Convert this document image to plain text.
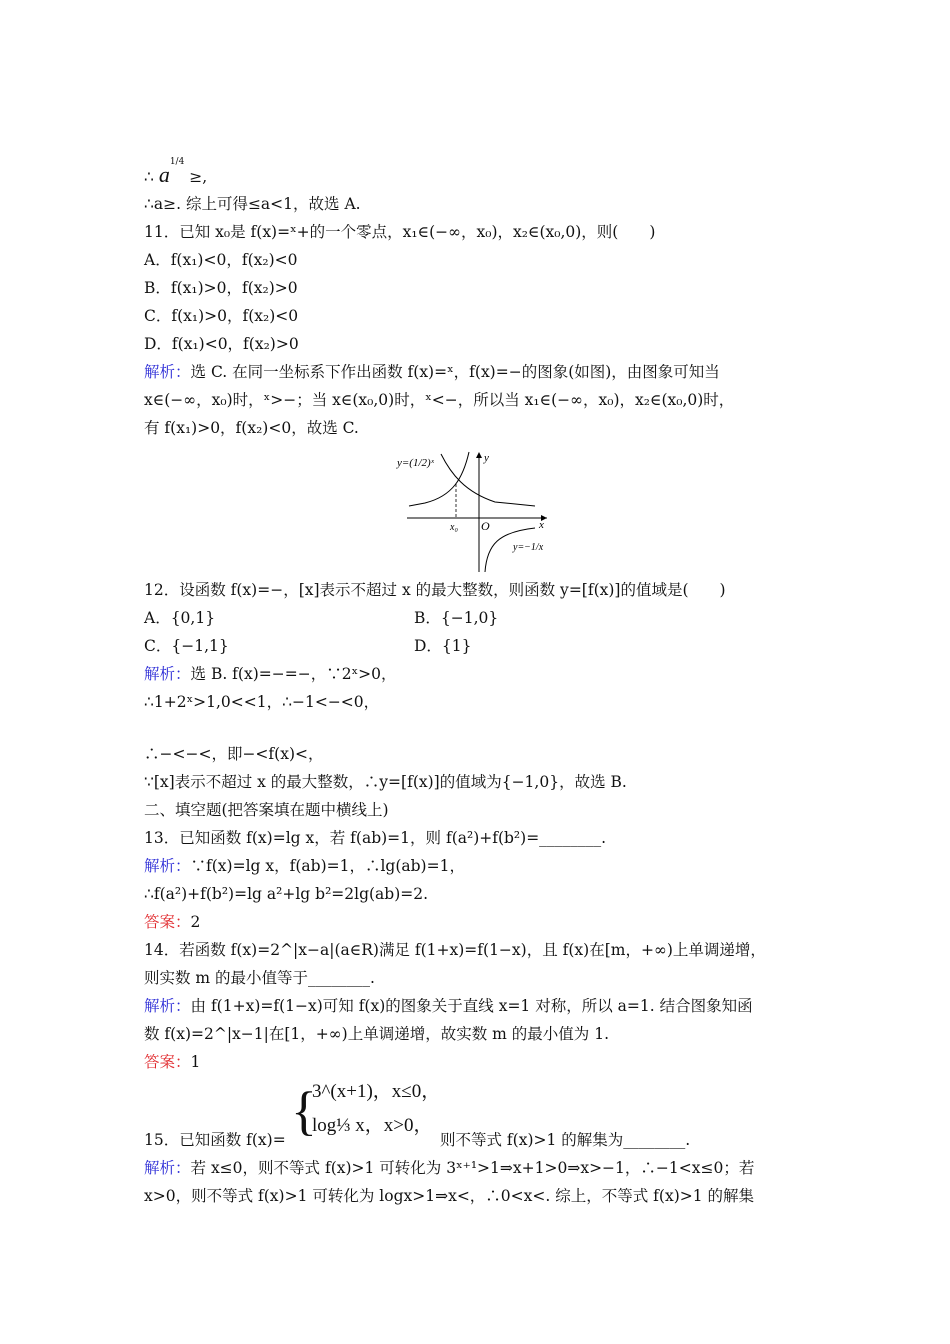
∴ $a^{1/4}$ ≥,
∴a≥. 综上可得≤a<1，故选 A.
11．已知 x₀是 f(x)=ˣ+的一个零点，x₁∈(−∞，x₀)，x₂∈(x₀,0)，则(　　)
A．f(x₁)<0，f(x₂)<0
B．f(x₁)>0，f(x₂)>0
C．f(x₁)>0，f(x₂)<0
D．f(x₁)<0，f(x₂)>0
解析：选 C. 在同一坐标系下作出函数 f(x)=ˣ，f(x)=−的图象(如图)，由图象可知当
x∈(−∞，x₀)时，ˣ>−；当 x∈(x₀,0)时，ˣ<−，所以当 x₁∈(−∞，x₀)，x₂∈(x₀,0)时，
有 f(x₁)>0，f(x₂)<0，故选 C.
y=(1/2)ˣ	y
x
O
x₀
y=−1/x
12．设函数 f(x)=−，[x]表示不超过 x 的最大整数，则函数 y=[f(x)]的值域是(　　)
A．{0,1}	B．{−1,0}
C．{−1,1}	D．{1}
解析：选 B. f(x)=−=−，∵2ˣ>0，
∴1+2ˣ>1,0<<1，∴−1<−<0，
∴−<−<，即−<f(x)<，
∵[x]表示不超过 x 的最大整数，∴y=[f(x)]的值域为{−1,0}，故选 B.
二、填空题(把答案填在题中横线上)
13．已知函数 f(x)=lg x，若 f(ab)=1，则 f(a²)+f(b²)=________.
解析：∵f(x)=lg x，f(ab)=1，∴lg(ab)=1，
∴f(a²)+f(b²)=lg a²+lg b²=2lg(ab)=2.
答案：2
14．若函数 f(x)=2^|x−a|(a∈R)满足 f(1+x)=f(1−x)，且 f(x)在[m，+∞)上单调递增，
则实数 m 的最小值等于________.
解析：由 f(1+x)=f(1−x)可知 f(x)的图象关于直线 x=1 对称，所以 a=1. 结合图象知函
数 f(x)=2^|x−1|在[1，+∞)上单调递增，故实数 m 的最小值为 1.
答案：1
{
3^(x+1)，x≤0，
log⅓ x，x>0，
15．已知函数 f(x)=	则不等式 f(x)>1 的解集为________.
解析：若 x≤0，则不等式 f(x)>1 可转化为 3ˣ⁺¹>1⇒x+1>0⇒x>−1，∴−1<x≤0；若
x>0，则不等式 f(x)>1 可转化为 logx>1⇒x<，∴0<x<. 综上，不等式 f(x)>1 的解集
